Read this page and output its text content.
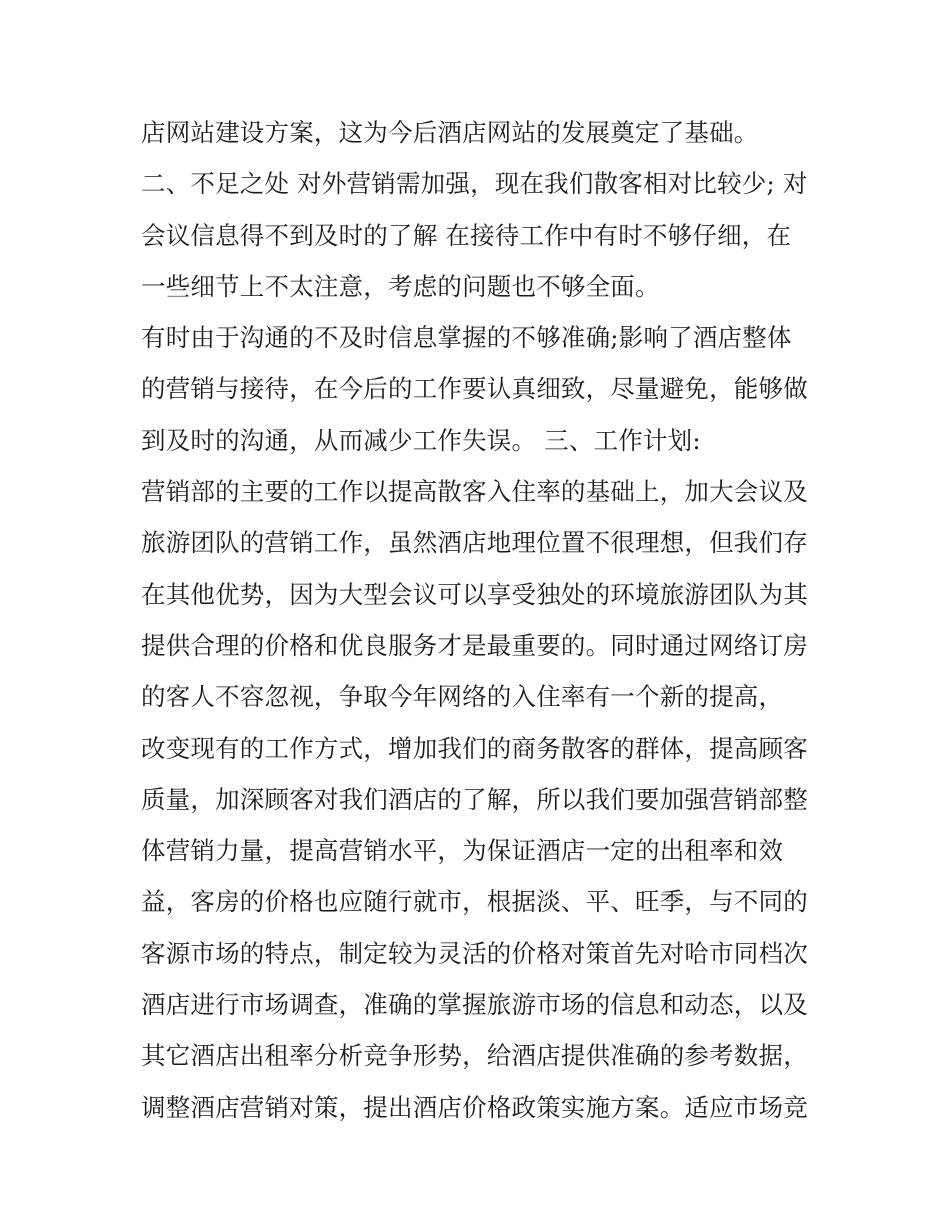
店网站建设方案，这为今后酒店网站的发展奠定了基础。
二、不足之处 对外营销需加强，现在我们散客相对比较少; 对
会议信息得不到及时的了解 在接待工作中有时不够仔细，在
一些细节上不太注意，考虑的问题也不够全面。
有时由于沟通的不及时信息掌握的不够准确;影响了酒店整体
的营销与接待，在今后的工作要认真细致，尽量避免，能够做
到及时的沟通，从而减少工作失误。 三、工作计划:
营销部的主要的工作以提高散客入住率的基础上，加大会议及
旅游团队的营销工作，虽然酒店地理位置不很理想，但我们存
在其他优势，因为大型会议可以享受独处的环境旅游团队为其
提供合理的价格和优良服务才是最重要的。同时通过网络订房
的客人不容忽视，争取今年网络的入住率有一个新的提高，
改变现有的工作方式，增加我们的商务散客的群体，提高顾客
质量，加深顾客对我们酒店的了解，所以我们要加强营销部整
体营销力量，提高营销水平，为保证酒店一定的出租率和效
益，客房的价格也应随行就市，根据淡、平、旺季，与不同的
客源市场的特点，制定较为灵活的价格对策首先对哈市同档次
酒店进行市场调查，准确的掌握旅游市场的信息和动态，以及
其它酒店出租率分析竞争形势，给酒店提供准确的参考数据，
调整酒店营销对策，提出酒店价格政策实施方案。适应市场竞
